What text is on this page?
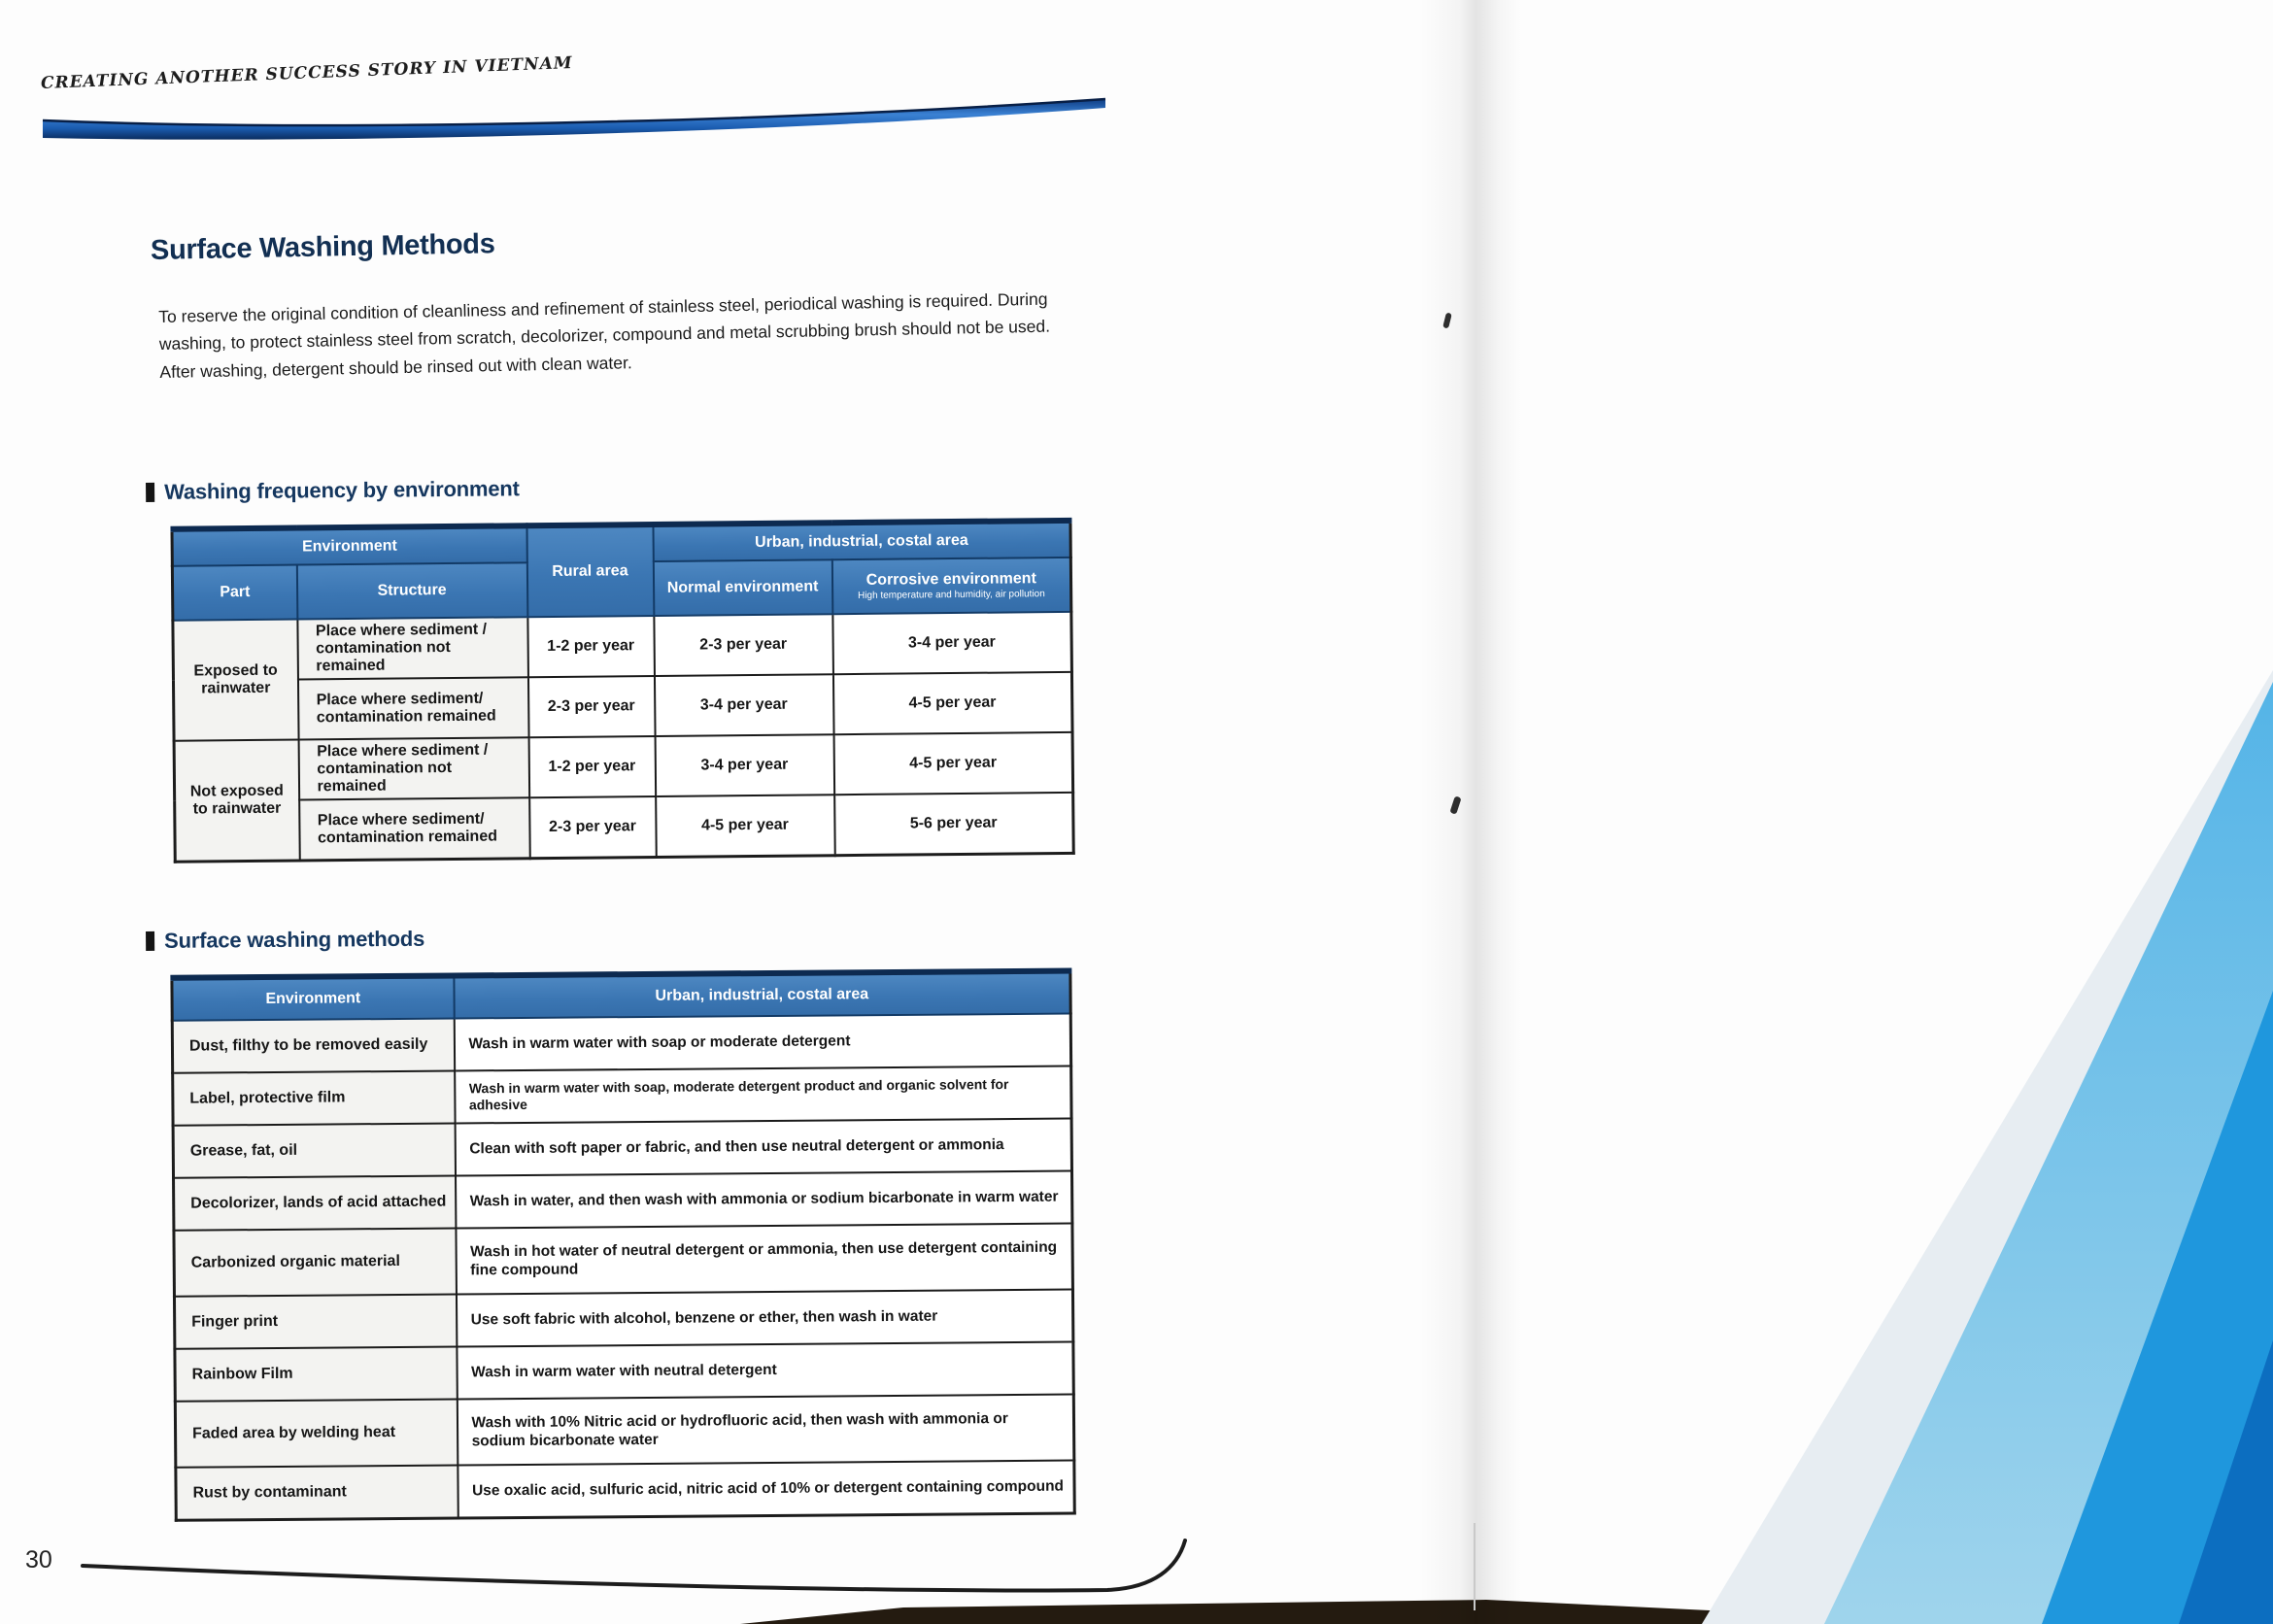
CREATING ANOTHER SUCCESS STORY IN VIETNAM
Surface Washing Methods
To reserve the original condition of cleanliness and refinement of stainless steel, periodical washing is required. During
washing, to protect stainless steel from scratch, decolorizer, compound and metal scrubbing brush should not be used.
After washing, detergent should be rinsed out with clean water.
Washing frequency by environment
Environment		Rural area	Urban, industrial, costal area	
Part	Structure		Normal environment	Corrosive environment
High temperature and humidity, air pollution

Exposed to rainwater	Place where sediment / contamination not remained	1-2 per year	2-3 per year	3-4 per year
	Place where sediment/ contamination remained	2-3 per year	3-4 per year	4-5 per year
Not exposed to rainwater	Place where sediment / contamination not remained	1-2 per year	3-4 per year	4-5 per year
	Place where sediment/ contamination remained	2-3 per year	4-5 per year	5-6 per year
Surface washing methods
Environment	Urban, industrial, costal area
Dust, filthy to be removed easily	Wash in warm water with soap or moderate detergent
Label, protective film	Wash in warm water with soap, moderate detergent product and organic solvent for adhesive
Grease, fat, oil	Clean with soft paper or fabric, and then use neutral detergent or ammonia
Decolorizer, lands of acid attached	Wash in water, and then wash with ammonia or sodium bicarbonate in warm water
Carbonized organic material	Wash in hot water of neutral detergent or ammonia, then use detergent containing fine compound
Finger print	Use soft fabric with alcohol, benzene or ether, then wash in water
Rainbow Film	Wash in warm water with neutral detergent
Faded area by welding heat	Wash with 10% Nitric acid or hydrofluoric acid, then wash with ammonia or sodium bicarbonate water
Rust by contaminant	Use oxalic acid, sulfuric acid, nitric acid of 10% or detergent containing compound
30
